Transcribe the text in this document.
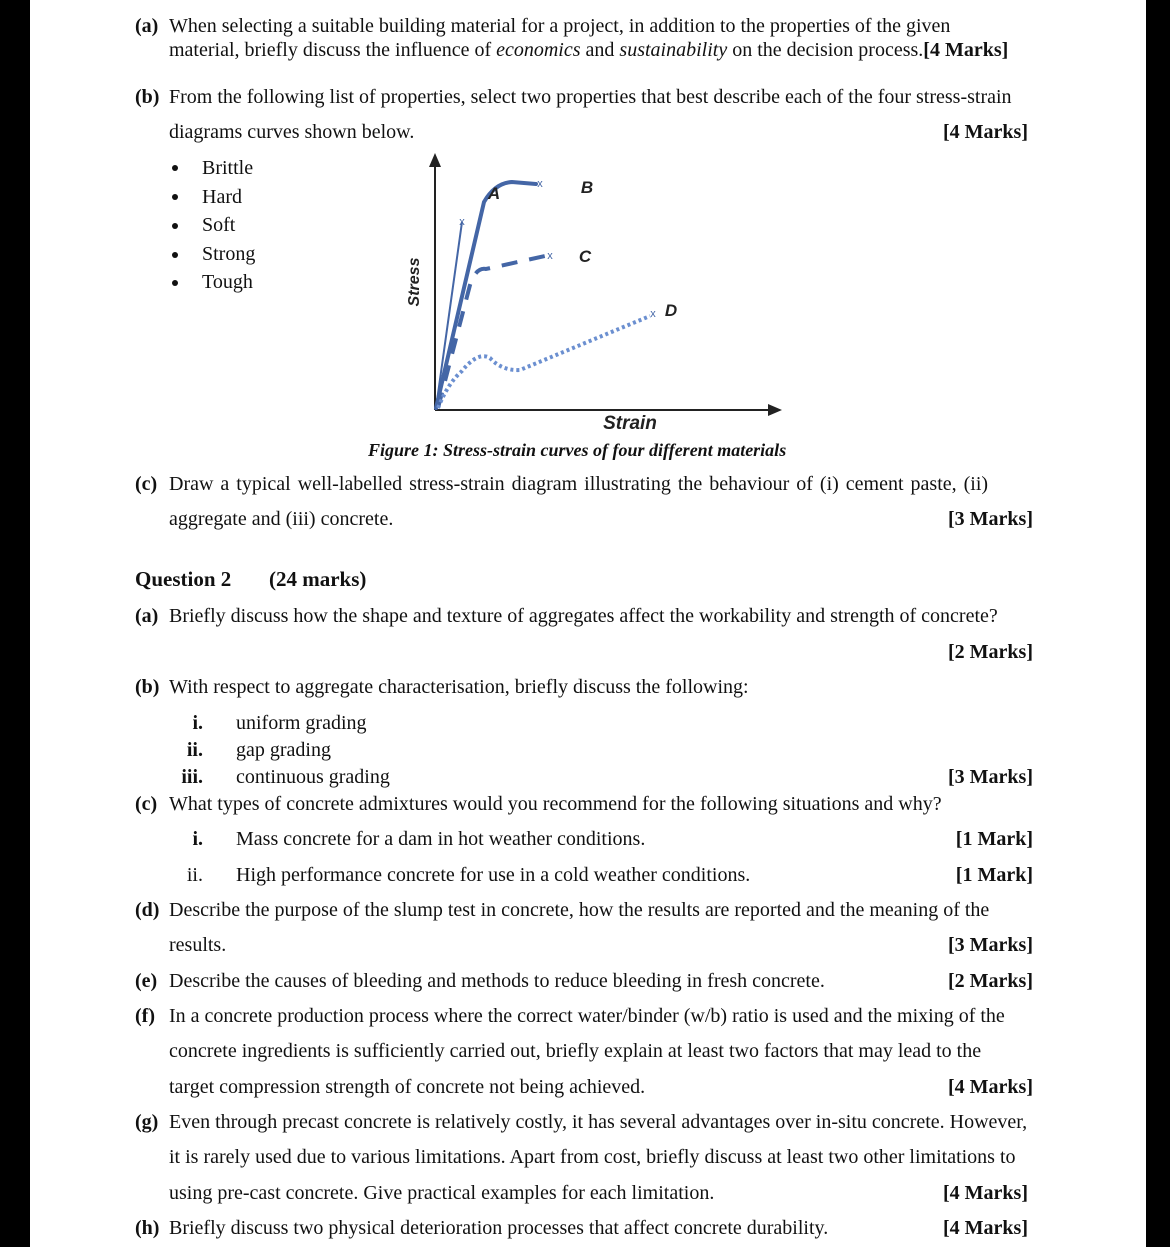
(a) When selecting a suitable building material for a project, in addition to the properties of the given
material, briefly discuss the influence of economics and sustainability on the decision process.[4 Marks]
(b) From the following list of properties, select two properties that best describe each of the four stress-strain
diagrams curves shown below.	[4 Marks]
Brittle
Hard
Soft
Strong
Tough
x
x
x
x
A	B
C
D
Strain
Stress
Figure 1: Stress-strain curves of four different materials
(c) Draw a typical well-labelled stress-strain diagram illustrating the behaviour of (i) cement paste, (ii)
aggregate and (iii) concrete.	[3 Marks]
Question 2 (24 marks)
(a) Briefly discuss how the shape and texture of aggregates affect the workability and strength of concrete?
[2 Marks]
(b) With respect to aggregate characterisation, briefly discuss the following:
i. uniform grading
ii. gap grading
iii. continuous grading	[3 Marks]
(c) What types of concrete admixtures would you recommend for the following situations and why?
i. Mass concrete for a dam in hot weather conditions.	[1 Mark]
ii. High performance concrete for use in a cold weather conditions.	[1 Mark]
(d) Describe the purpose of the slump test in concrete, how the results are reported and the meaning of the
results.	[3 Marks]
(e) Describe the causes of bleeding and methods to reduce bleeding in fresh concrete.	[2 Marks]
(f) In a concrete production process where the correct water/binder (w/b) ratio is used and the mixing of the
concrete ingredients is sufficiently carried out, briefly explain at least two factors that may lead to the
target compression strength of concrete not being achieved.	[4 Marks]
(g) Even through precast concrete is relatively costly, it has several advantages over in-situ concrete. However,
it is rarely used due to various limitations. Apart from cost, briefly discuss at least two other limitations to
using pre-cast concrete. Give practical examples for each limitation.	[4 Marks]
(h) Briefly discuss two physical deterioration processes that affect concrete durability.	[4 Marks]
